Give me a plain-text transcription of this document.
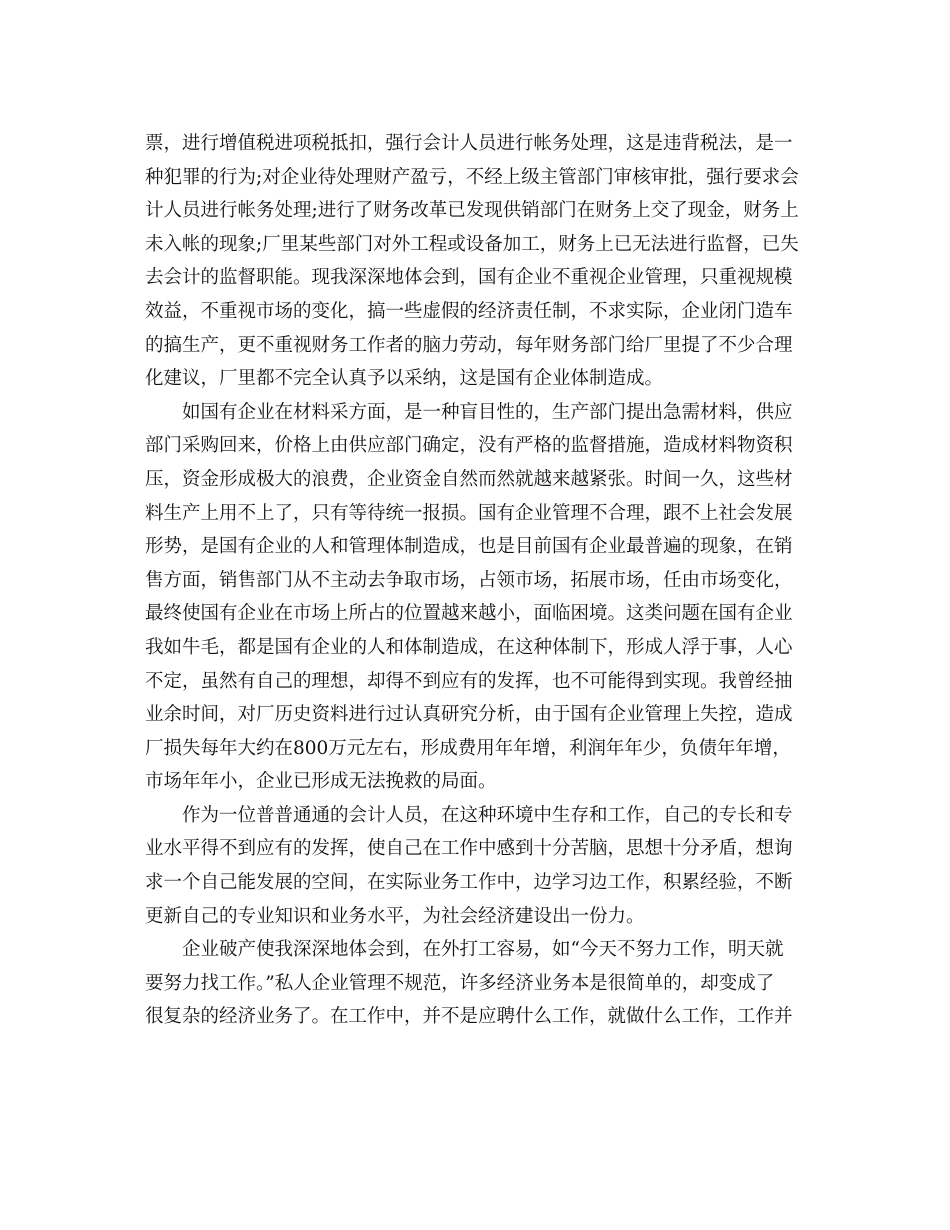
票，进行增值税进项税抵扣，强行会计人员进行帐务处理，这是违背税法，是一
种犯罪的行为;对企业待处理财产盈亏，不经上级主管部门审核审批，强行要求会
计人员进行帐务处理;进行了财务改革已发现供销部门在财务上交了现金，财务上
未入帐的现象;厂里某些部门对外工程或设备加工，财务上已无法进行监督，已失
去会计的监督职能。现我深深地体会到，国有企业不重视企业管理，只重视规模
效益，不重视市场的变化，搞一些虚假的经济责任制，不求实际，企业闭门造车
的搞生产，更不重视财务工作者的脑力劳动，每年财务部门给厂里提了不少合理
化建议，厂里都不完全认真予以采纳，这是国有企业体制造成。

如国有企业在材料采方面，是一种盲目性的，生产部门提出急需材料，供应
部门采购回来，价格上由供应部门确定，没有严格的监督措施，造成材料物资积
压，资金形成极大的浪费，企业资金自然而然就越来越紧张。时间一久，这些材
料生产上用不上了，只有等待统一报损。国有企业管理不合理，跟不上社会发展
形势，是国有企业的人和管理体制造成，也是目前国有企业最普遍的现象，在销
售方面，销售部门从不主动去争取市场，占领市场，拓展市场，任由市场变化，
最终使国有企业在市场上所占的位置越来越小，面临困境。这类问题在国有企业
我如牛毛，都是国有企业的人和体制造成，在这种体制下，形成人浮于事，人心
不定，虽然有自己的理想，却得不到应有的发挥，也不可能得到实现。我曾经抽
业余时间，对厂历史资料进行过认真研究分析，由于国有企业管理上失控，造成
厂损失每年大约在800万元左右，形成费用年年增，利润年年少，负债年年增，
市场年年小，企业已形成无法挽救的局面。

作为一位普普通通的会计人员，在这种环境中生存和工作，自己的专长和专
业水平得不到应有的发挥，使自己在工作中感到十分苦脑，思想十分矛盾，想询
求一个自己能发展的空间，在实际业务工作中，边学习边工作，积累经验，不断
更新自己的专业知识和业务水平，为社会经济建设出一份力。

企业破产使我深深地体会到，在外打工容易，如“今天不努力工作，明天就
要努力找工作。”私人企业管理不规范，许多经济业务本是很简单的，却变成了
很复杂的经济业务了。在工作中，并不是应聘什么工作，就做什么工作，工作并
